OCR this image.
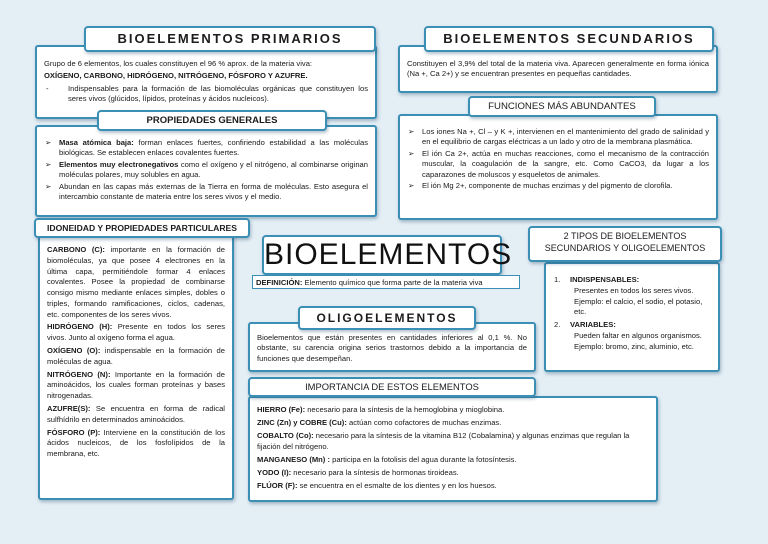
BIOELEMENTOS PRIMARIOS

Grupo de 6 elementos, los cuales constituyen el 96 % aprox. de la materia viva:

OXÍGENO, CARBONO, HIDRÓGENO, NITRÓGENO, FÓSFORO Y AZUFRE.

-	Indispensables para la formación de las biomoléculas orgánicas que constituyen los seres vivos (glúcidos, lípidos, proteínas y ácidos nucleicos).
PROPIEDADES GENERALES
➢ Masa atómica baja: forman enlaces fuertes, confiriendo estabilidad a las moléculas biológicas. Se establecen enlaces covalentes fuertes.
➢ Elementos muy electronegativos como el oxígeno y el nitrógeno, al combinarse originan moléculas polares, muy solubles en agua.
➢ Abundan en las capas más externas de la Tierra en forma de moléculas. Esto asegura el intercambio constante de materia entre los seres vivos y el medio.
IDONEIDAD Y PROPIEDADES PARTICULARES

CARBONO (C): importante en la formación de biomoléculas, ya que posee 4 electrones en la última capa, permitiéndole formar 4 enlaces covalentes. Posee la propiedad de combinarse consigo mismo mediante enlaces simples, dobles o triples, formando ramificaciones, ciclos, cadenas, etc. componentes de los seres vivos.

HIDRÓGENO (H): Presente en todos los seres vivos. Junto al oxígeno forma el agua.

OXÍGENO (O): indispensable en la formación de moléculas de agua.

NITRÓGENO (N): Importante en la formación de aminoácidos, los cuales forman proteínas y bases nitrogenadas.

AZUFRE(S): Se encuentra en forma de radical sulfhídrilo en determinados aminoácidos.

FÓSFORO (P): Interviene en la constitución de los ácidos nucleicos, de los fosfolípidos de la membrana, etc.

BIOELEMENTOS
DEFINICIÓN: Elemento químico que forma parte de la materia viva
OLIGOELEMENTOS
Bioelementos que están presentes en cantidades inferiores al 0,1 %. No obstante, su carencia origina serios trastornos debido a la importancia de funciones que desempeñan.
IMPORTANCIA DE ESTOS ELEMENTOS

HIERRO (Fe): necesario para la síntesis de la hemoglobina y mioglobina.

ZINC (Zn) y COBRE (Cu): actúan como cofactores de muchas enzimas.

COBALTO (Co): necesario para la síntesis de la vitamina B12 (Cobalamina) y algunas enzimas que regulan la fijación del nitrógeno.

MANGANESO (Mn) : participa en la fotolisis del agua durante la fotosíntesis.

YODO (I): necesario para la síntesis de hormonas tiroideas.

FLÚOR (F): se encuentra en el esmalte de los dientes y en los huesos.

BIOELEMENTOS SECUNDARIOS
Constituyen el 3,9% del total de la materia viva. Aparecen generalmente en forma iónica (Na +, Ca 2+) y se encuentran presentes en pequeñas cantidades.
FUNCIONES MÁS ABUNDANTES
➢ Los iones Na +, Cl – y K +, intervienen en el mantenimiento del grado de salinidad y en el equilibrio de cargas eléctricas a un lado y otro de la membrana plasmática.
➢ El ión Ca 2+, actúa en muchas reacciones, como el mecanismo de la contracción muscular, la coagulación de la sangre, etc. Como CaCO3, da lugar a los caparazones de moluscos y esqueletos de animales.
➢ El ión Mg 2+, componente de muchas enzimas y del pigmento de clorofila.
2 TIPOS DE BIOELEMENTOS SECUNDARIOS Y OLIGOELEMENTOS
1. INDISPENSABLES:
Presentes en todos los seres vivos. Ejemplo: el calcio, el sodio, el potasio, etc.
2. VARIABLES:
Pueden faltar en algunos organismos. Ejemplo: bromo, zinc, aluminio, etc.
